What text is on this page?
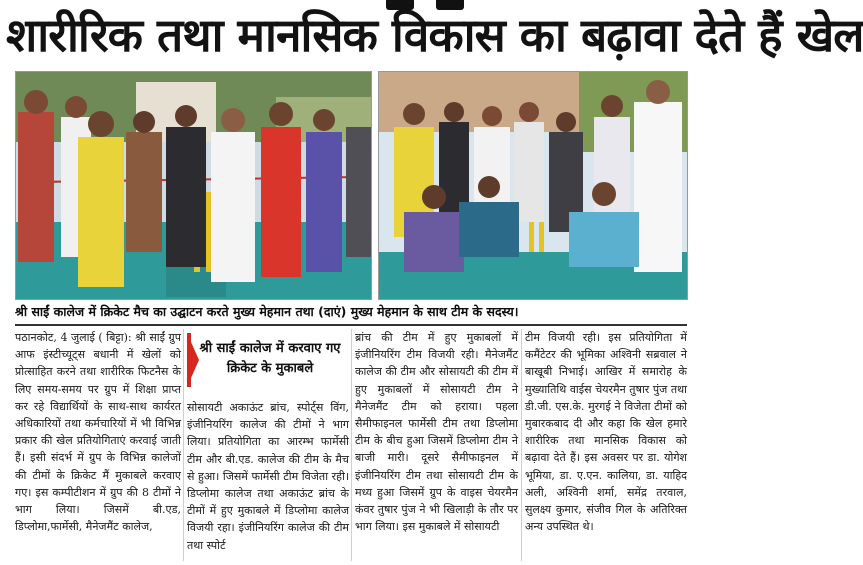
शारीरिक तथा मानसिक विकास का बढ़ावा देते हैं खेल
श्री साईं कालेज में क्रिकेट मैच का उद्घाटन करते मुख्य मेहमान तथा (दाएं) मुख्य मेहमान के साथ टीम के सदस्य।

पठानकोट, 4 जुलाई ( बिट्टा): श्री साईं ग्रुप आफ इंस्टीच्यूट्स बधानी में खेलों को प्रोत्साहित करने तथा शारीरिक फिटनैस के लिए समय-समय पर ग्रुप में शिक्षा प्राप्त कर रहे विद्यार्थियों के साथ-साथ कार्यरत अधिकारियों तथा कर्मचारियों में भी विभिन्न प्रकार की खेल प्रतियोगिताएं करवाई जाती हैं। इसी संदर्भ में ग्रुप के विभिन्न कालेजों की टीमों के क्रिकेट मैं मुकाबले करवाए गए। इस कम्पीटीशन में ग्रुप की 8 टीमों ने भाग लिया। जिसमें बी.एड, डिप्लोमा,फार्मेसी, मैनेजमैंट कालेज,

श्री साईं कालेज में करवाए गए क्रिकेट के मुकाबले

सोसायटी अकाऊंट ब्रांच, स्पोर्ट्स विंग, इंजीनियरिंग कालेज की टीमों ने भाग लिया। प्रतियोगिता का आरम्भ फार्मेसी टीम और बी.एड. कालेज की टीम के मैच से हुआ। जिसमें फार्मेसी टीम विजेता रही। डिप्लोमा कालेज तथा अकाऊंट ब्रांच के टीमों में हुए मुकाबले में डिप्लोमा कालेज विजयी रहा। इंजीनियरिंग कालेज की टीम तथा स्पोर्ट

ब्रांच की टीम में हुए मुकाबलों में इंजीनियरिंग टीम विजयी रही। मैनेजमैंट कालेज की टीम और सोसायटी की टीम में हुए मुकाबलों में सोसायटी टीम ने मैनेजमैंट टीम को हराया। पहला सैमीफाइनल फार्मेसी टीम तथा डिप्लोमा टीम के बीच हुआ जिसमें डिप्लोमा टीम ने बाजी मारी। दूसरे सैमीफाइनल में इंजीनियरिंग टीम तथा सोसायटी टीम के मध्य हुआ जिसमें ग्रुप के वाइस चेयरमैन कंवर तुषार पुंज ने भी खिलाड़ी के तौर पर भाग लिया। इस मुकाबले में सोसायटी

टीम विजयी रही। इस प्रतियोगिता में कमैंटेटर की भूमिका अश्विनी सब्रवाल ने बाखूबी निभाई। आखिर में समारोह के मुख्यातिथि वाईस चेयरमैन तुषार पुंज तथा डी.जी. एस.के. मुरगई ने विजेता टीमों को मुबारकबाद दी और कहा कि खेल हमारे शारीरिक तथा मानसिक विकास को बढ़ावा देते हैं। इस अवसर पर डा. योगेश भूमिया, डा. ए.एन. कालिया, डा. याहिद अली, अश्विनी शर्मा, समेंद्र तरवाल, सुलक्ष्य कुमार, संजीव गिल के अतिरिक्त अन्य उपस्थित थे।
